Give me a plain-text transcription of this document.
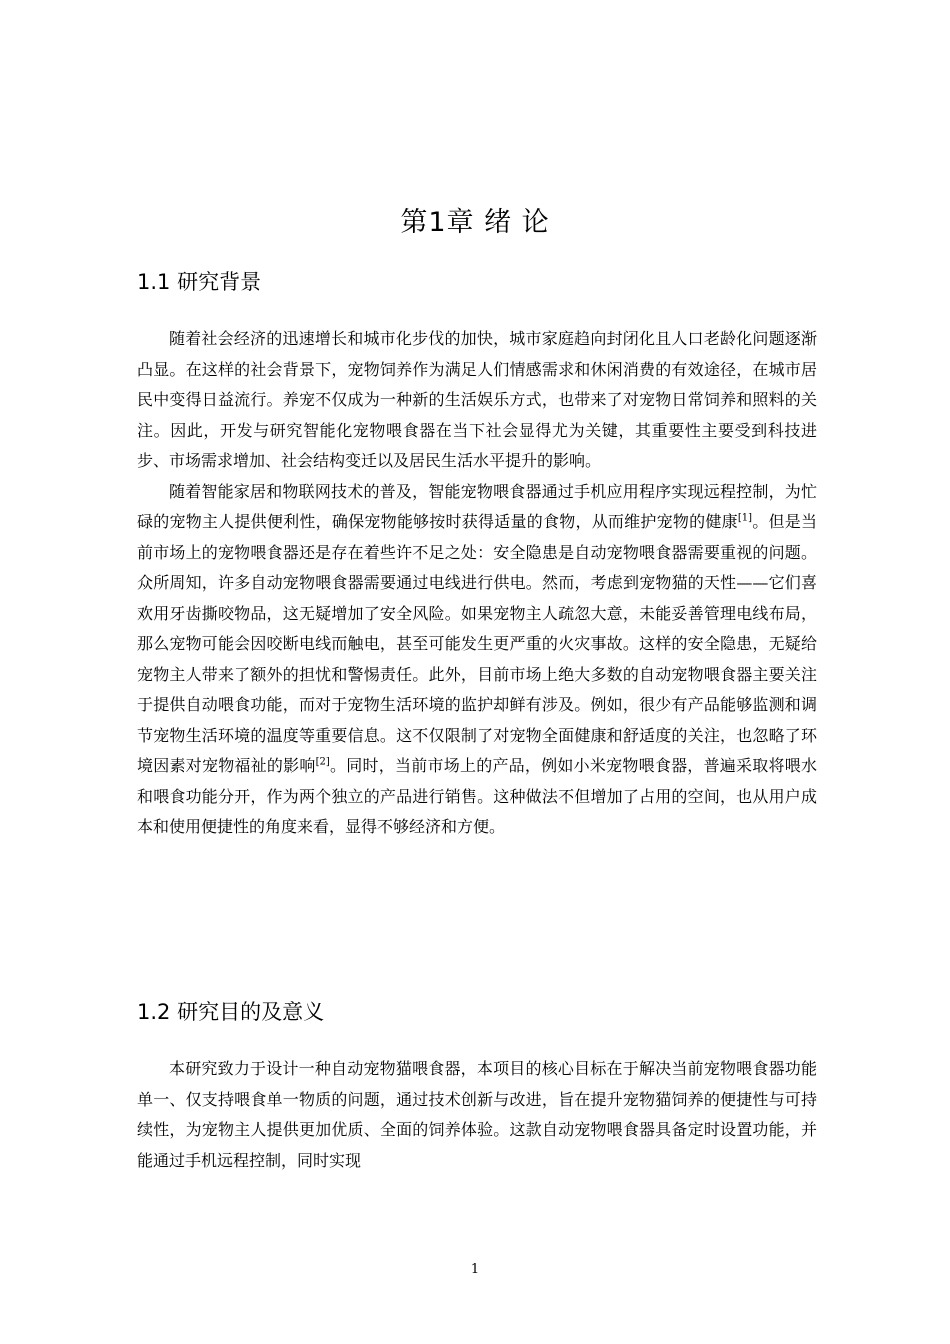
第1章 绪 论
1.1 研究背景

随着社会经济的迅速增长和城市化步伐的加快，城市家庭趋向封闭化且人口老龄化问题逐渐凸显。在这样的社会背景下，宠物饲养作为满足人们情感需求和休闲消费的有效途径，在城市居民中变得日益流行。养宠不仅成为一种新的生活娱乐方式，也带来了对宠物日常饲养和照料的关注。因此，开发与研究智能化宠物喂食器在当下社会显得尤为关键，其重要性主要受到科技进步、市场需求增加、社会结构变迁以及居民生活水平提升的影响。

随着智能家居和物联网技术的普及，智能宠物喂食器通过手机应用程序实现远程控制，为忙碌的宠物主人提供便利性，确保宠物能够按时获得适量的食物，从而维护宠物的健康[1]。但是当前市场上的宠物喂食器还是存在着些许不足之处：安全隐患是自动宠物喂食器需要重视的问题。众所周知，许多自动宠物喂食器需要通过电线进行供电。然而，考虑到宠物猫的天性——它们喜欢用牙齿撕咬物品，这无疑增加了安全风险。如果宠物主人疏忽大意，未能妥善管理电线布局，那么宠物可能会因咬断电线而触电，甚至可能发生更严重的火灾事故。这样的安全隐患，无疑给宠物主人带来了额外的担忧和警惕责任。此外，目前市场上绝大多数的自动宠物喂食器主要关注于提供自动喂食功能，而对于宠物生活环境的监护却鲜有涉及。例如，很少有产品能够监测和调节宠物生活环境的温度等重要信息。这不仅限制了对宠物全面健康和舒适度的关注，也忽略了环境因素对宠物福祉的影响[2]。同时，当前市场上的产品，例如小米宠物喂食器，普遍采取将喂水和喂食功能分开，作为两个独立的产品进行销售。这种做法不但增加了占用的空间，也从用户成本和使用便捷性的角度来看，显得不够经济和方便。

1.2 研究目的及意义

本研究致力于设计一种自动宠物猫喂食器，本项目的核心目标在于解决当前宠物喂食器功能单一、仅支持喂食单一物质的问题，通过技术创新与改进，旨在提升宠物猫饲养的便捷性与可持续性，为宠物主人提供更加优质、全面的饲养体验。这款自动宠物喂食器具备定时设置功能，并能通过手机远程控制，同时实现

1
